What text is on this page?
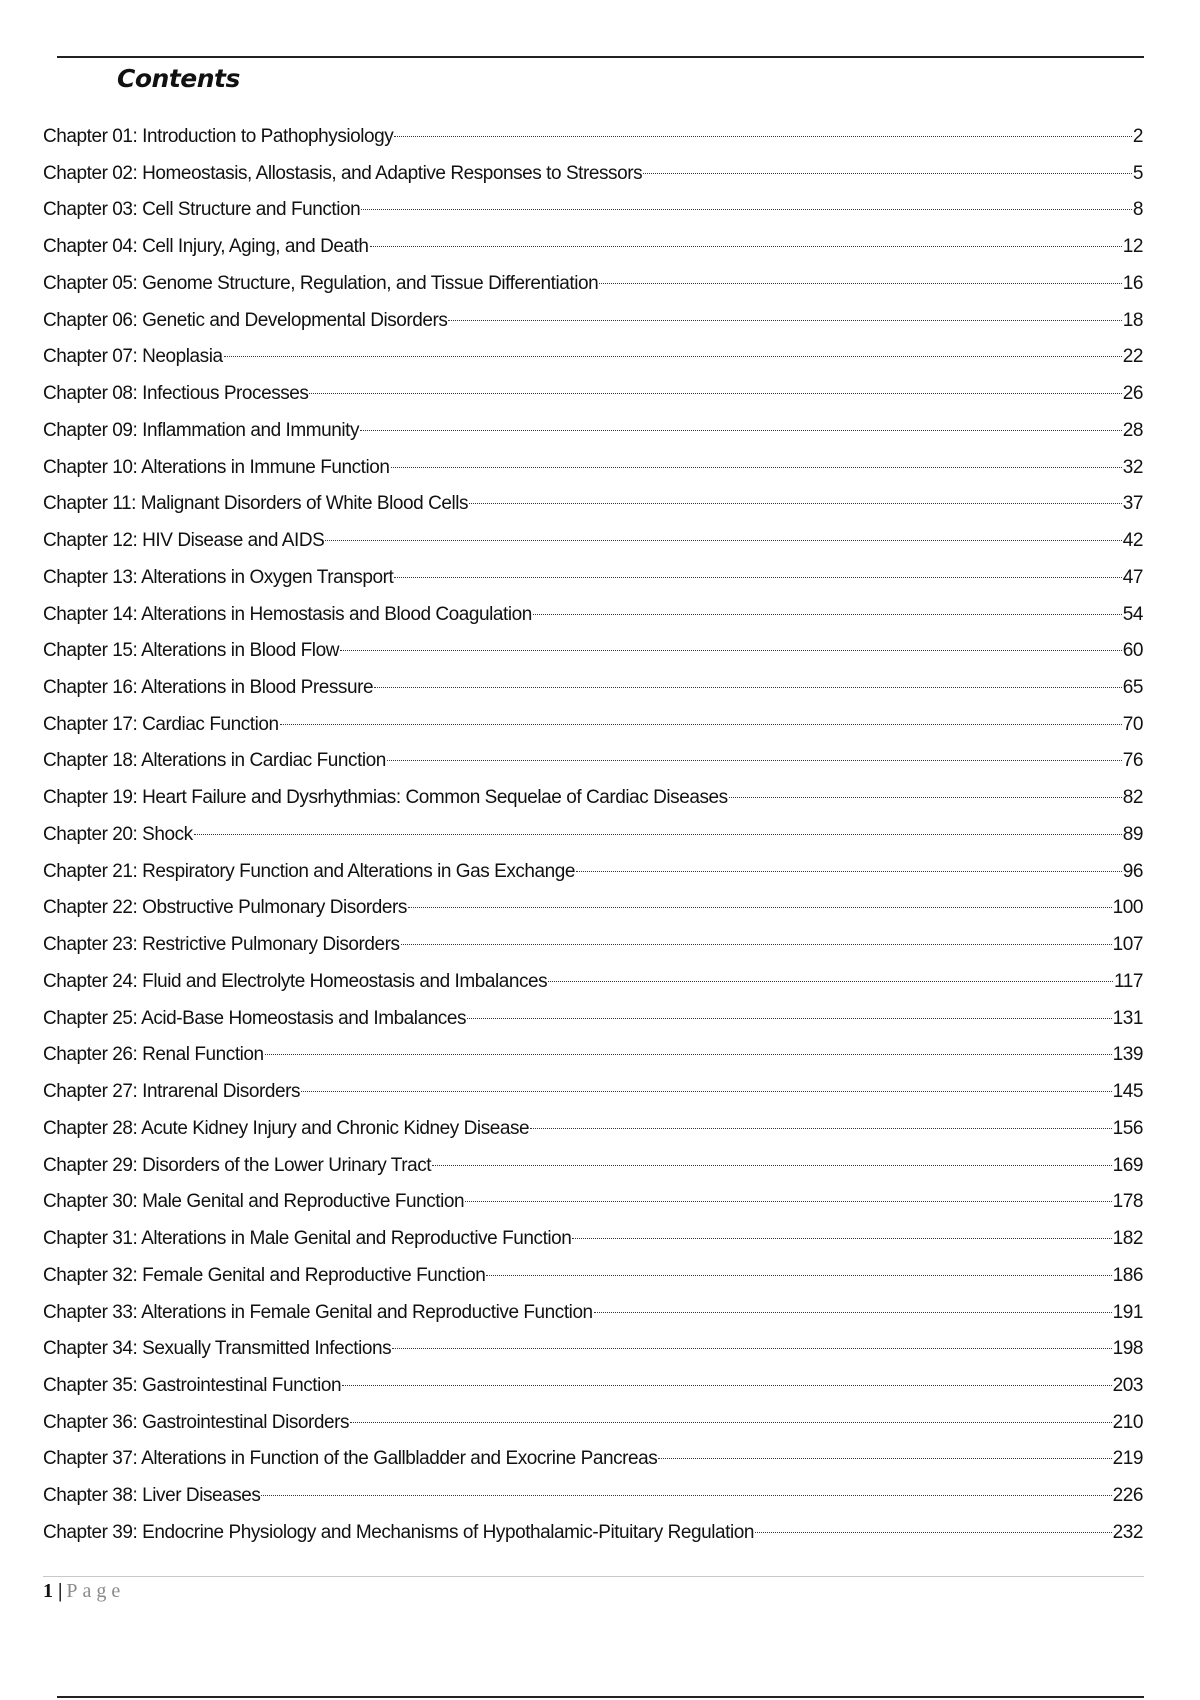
Contents
Chapter 01: Introduction to Pathophysiology	2
Chapter 02: Homeostasis, Allostasis, and Adaptive Responses to Stressors	5
Chapter 03: Cell Structure and Function	8
Chapter 04: Cell Injury, Aging, and Death	12
Chapter 05: Genome Structure, Regulation, and Tissue Differentiation	16
Chapter 06: Genetic and Developmental Disorders	18
Chapter 07: Neoplasia	22
Chapter 08: Infectious Processes	26
Chapter 09: Inflammation and Immunity	28
Chapter 10: Alterations in Immune Function	32
Chapter 11: Malignant Disorders of White Blood Cells	37
Chapter 12: HIV Disease and AIDS	42
Chapter 13: Alterations in Oxygen Transport	47
Chapter 14: Alterations in Hemostasis and Blood Coagulation	54
Chapter 15: Alterations in Blood Flow	60
Chapter 16: Alterations in Blood Pressure	65
Chapter 17: Cardiac Function	70
Chapter 18: Alterations in Cardiac Function	76
Chapter 19: Heart Failure and Dysrhythmias: Common Sequelae of Cardiac Diseases	82
Chapter 20: Shock	89
Chapter 21: Respiratory Function and Alterations in Gas Exchange	96
Chapter 22: Obstructive Pulmonary Disorders	100
Chapter 23: Restrictive Pulmonary Disorders	107
Chapter 24: Fluid and Electrolyte Homeostasis and Imbalances	117
Chapter 25: Acid-Base Homeostasis and Imbalances	131
Chapter 26: Renal Function	139
Chapter 27: Intrarenal Disorders	145
Chapter 28: Acute Kidney Injury and Chronic Kidney Disease	156
Chapter 29: Disorders of the Lower Urinary Tract	169
Chapter 30: Male Genital and Reproductive Function	178
Chapter 31: Alterations in Male Genital and Reproductive Function	182
Chapter 32: Female Genital and Reproductive Function	186
Chapter 33: Alterations in Female Genital and Reproductive Function	191
Chapter 34: Sexually Transmitted Infections	198
Chapter 35: Gastrointestinal Function	203
Chapter 36: Gastrointestinal Disorders	210
Chapter 37: Alterations in Function of the Gallbladder and Exocrine Pancreas	219
Chapter 38: Liver Diseases	226
Chapter 39: Endocrine Physiology and Mechanisms of Hypothalamic-Pituitary Regulation	232
1 | Page
